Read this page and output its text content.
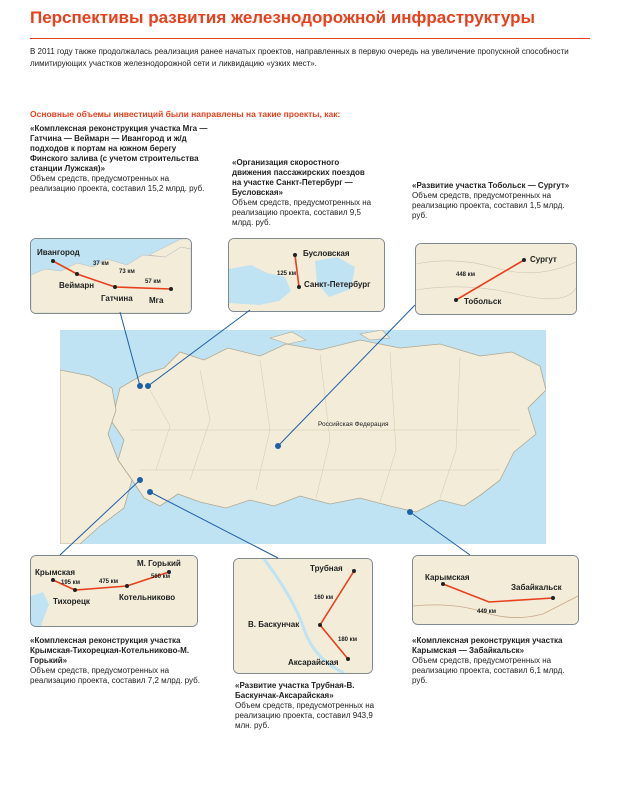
Перспективы развития железнодорожной инфраструктуры
В 2011 году также продолжалась реализация ранее начатых проектов, направленных в первую очередь на увеличение пропускной способности лимитирующих участков железнодорожной сети и ликвидацию «узких мест».
Основные объемы инвестиций были направлены на такие проекты, как:
«Комплексная реконструкция участка Мга — Гатчина — Веймарн — Ивангород и ж/д подходов к портам на южном берегу Финского залива (с учетом строительства станции Лужская)»
Объем средств, предусмотренных на реализацию проекта, составил 15,2 млрд. руб.
«Организация скоростного движения пассажирских поездов на участке Санкт-Петербург — Бусловская»
Объем средств, предусмотренных на реализацию проекта, составил 9,5 млрд. руб.
«Развитие участка Тобольск — Сургут»
Объем средств, предусмотренных на реализацию проекта, составил 1,5 млрд. руб.
«Комплексная реконструкция участка Крымская-Тихорецкая-Котельниково-М. Горький»
Объем средств, предусмотренных на реализацию проекта, составил 7,2 млрд. руб.
«Развитие участка Трубная-В. Баскунчак-Аксарайская»
Объем средств, предусмотренных на реализацию проекта, составил 943,9 млн. руб.
«Комплексная реконструкция участка Карымская — Забайкальск»
Объем средств, предусмотренных на реализацию проекта, составил 6,1 млрд. руб.
Ивангород
Веймарн
Гатчина Мга
37 км
73 км
57 км
Бусловская
Санкт-Петербург
125 км
Сургут
Тобольск
448 км
Крымская
Тихорецк	Котельниково
М. Горький
195 км	475 км
560 км
Трубная
В. Баскунчак
Аксарайская
160 км
180 км
Карымская
Забайкальск
449 км
Российская Федерация
